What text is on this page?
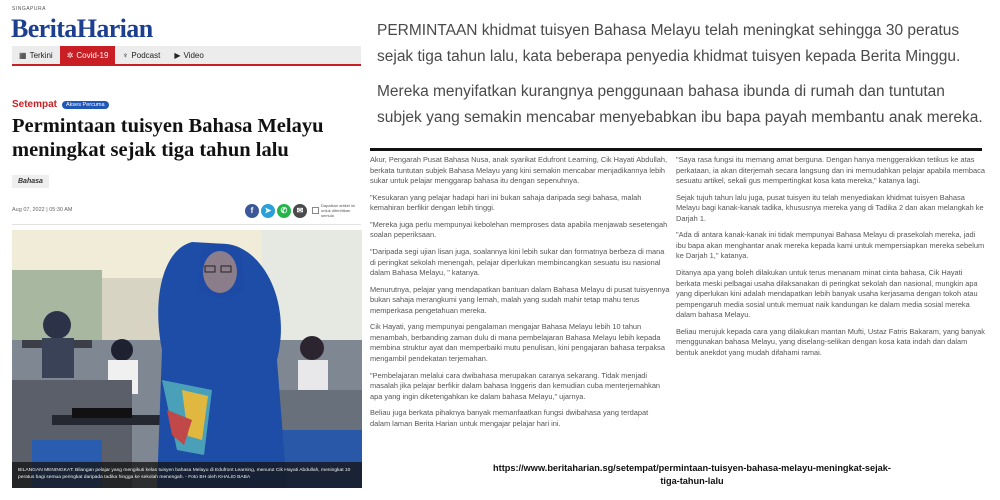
SINGAPURA
BeritaHarian
▦ Terkini ✲ Covid-19 ♆ Podcast ▶ Video
Setempat	Akses Percuma
Permintaan tuisyen Bahasa Melayu meningkat sejak tiga tahun lalu
Bahasa
Aug 07, 2022 | 05:30 AM	f	➤	✆	✉
Dapatkan artikel ini untuk diterbitkan semula
BILANGAN MENINGKAT: Bilangan pelajar yang mengikuti kelas tuisyen bahasa Melayu di Edufront Learning, menurut Cik Hayati Abdullah, meningkat 10 peratus bagi semua peringkat daripada tadika hingga ke sekolah menengah. - Foto BH oleh KHALID BABA

PERMINTAAN khidmat tuisyen Bahasa Melayu telah meningkat sehingga 30 peratus sejak tiga tahun lalu, kata beberapa penyedia khidmat tuisyen kepada Berita Minggu.

Mereka menyifatkan kurangnya penggunaan bahasa ibunda di rumah dan tuntutan subjek yang semakin mencabar menyebabkan ibu bapa payah membantu anak mereka.

Akur, Pengarah Pusat Bahasa Nusa, anak syarikat Edufront Learning, Cik Hayati Abdullah, berkata tuntutan subjek Bahasa Melayu yang kini semakin mencabar menjadikannya lebih sukar untuk pelajar menggarap bahasa itu dengan sepenuhnya.

"Kesukaran yang pelajar hadapi hari ini bukan sahaja daripada segi bahasa, malah kemahiran berfikir dengan lebih tinggi.

"Mereka juga perlu mempunyai kebolehan memproses data apabila menjawab sesetengah soalan peperiksaan.

"Daripada segi ujian lisan juga, soalannya kini lebih sukar dan formatnya berbeza di mana di peringkat sekolah menengah, pelajar diperlukan membincangkan sesuatu isu nasional dalam Bahasa Melayu, " katanya.

Menurutnya, pelajar yang mendapatkan bantuan dalam Bahasa Melayu di pusat tuisyennya bukan sahaja merangkumi yang lemah, malah yang sudah mahir tetap mahu terus memperkasa pengetahuan mereka.

Cik Hayati, yang mempunyai pengalaman mengajar Bahasa Melayu lebih 10 tahun menambah, berbanding zaman dulu di mana pembelajaran Bahasa Melayu lebih kepada membina struktur ayat dan memperbaiki mutu penulisan, kini pengajaran bahasa terpaksa mengambil pendekatan terjemahan.

"Pembelajaran melalui cara dwibahasa merupakan caranya sekarang. Tidak menjadi masalah jika pelajar berfikir dalam bahasa Inggeris dan kemudian cuba menterjemahkan apa yang ingin diketengahkan ke dalam bahasa Melayu," ujarnya.

Beliau juga berkata pihaknya banyak memanfaatkan fungsi dwibahasa yang terdapat dalam laman Berita Harian untuk mengajar pelajar hari ini.

"Saya rasa fungsi itu memang amat berguna. Dengan hanya menggerakkan tetikus ke atas perkataan, ia akan diterjemah secara langsung dan ini memudahkan pelajar apabila membaca sesuatu artikel, sekali gus mempertingkat kosa kata mereka," katanya lagi.

Sejak tujuh tahun lalu juga, pusat tuisyen itu telah menyediakan khidmat tuisyen Bahasa Melayu bagi kanak-kanak tadika, khususnya mereka yang di Tadika 2 dan akan melangkah ke Darjah 1.

"Ada di antara kanak-kanak ini tidak mempunyai Bahasa Melayu di prasekolah mereka, jadi ibu bapa akan menghantar anak mereka kepada kami untuk mempersiapkan mereka sebelum ke Darjah 1," katanya.

Ditanya apa yang boleh dilakukan untuk terus menanam minat cinta bahasa, Cik Hayati berkata meski pelbagai usaha dilaksanakan di peringkat sekolah dan nasional, mungkin apa yang diperlukan kini adalah mendapatkan lebih banyak usaha kerjasama dengan tokoh atau pempengaruh media sosial untuk memuat naik kandungan ke dalam media sosial mereka dalam bahasa Melayu.

Beliau merujuk kepada cara yang dilakukan mantan Mufti, Ustaz Fatris Bakaram, yang banyak menggunakan bahasa Melayu, yang diselang-selikan dengan kosa kata indah dan dalam bentuk anekdot yang mudah difahami ramai.

https://www.beritaharian.sg/setempat/permintaan-tuisyen-bahasa-melayu-meningkat-sejak-tiga-tahun-lalu
